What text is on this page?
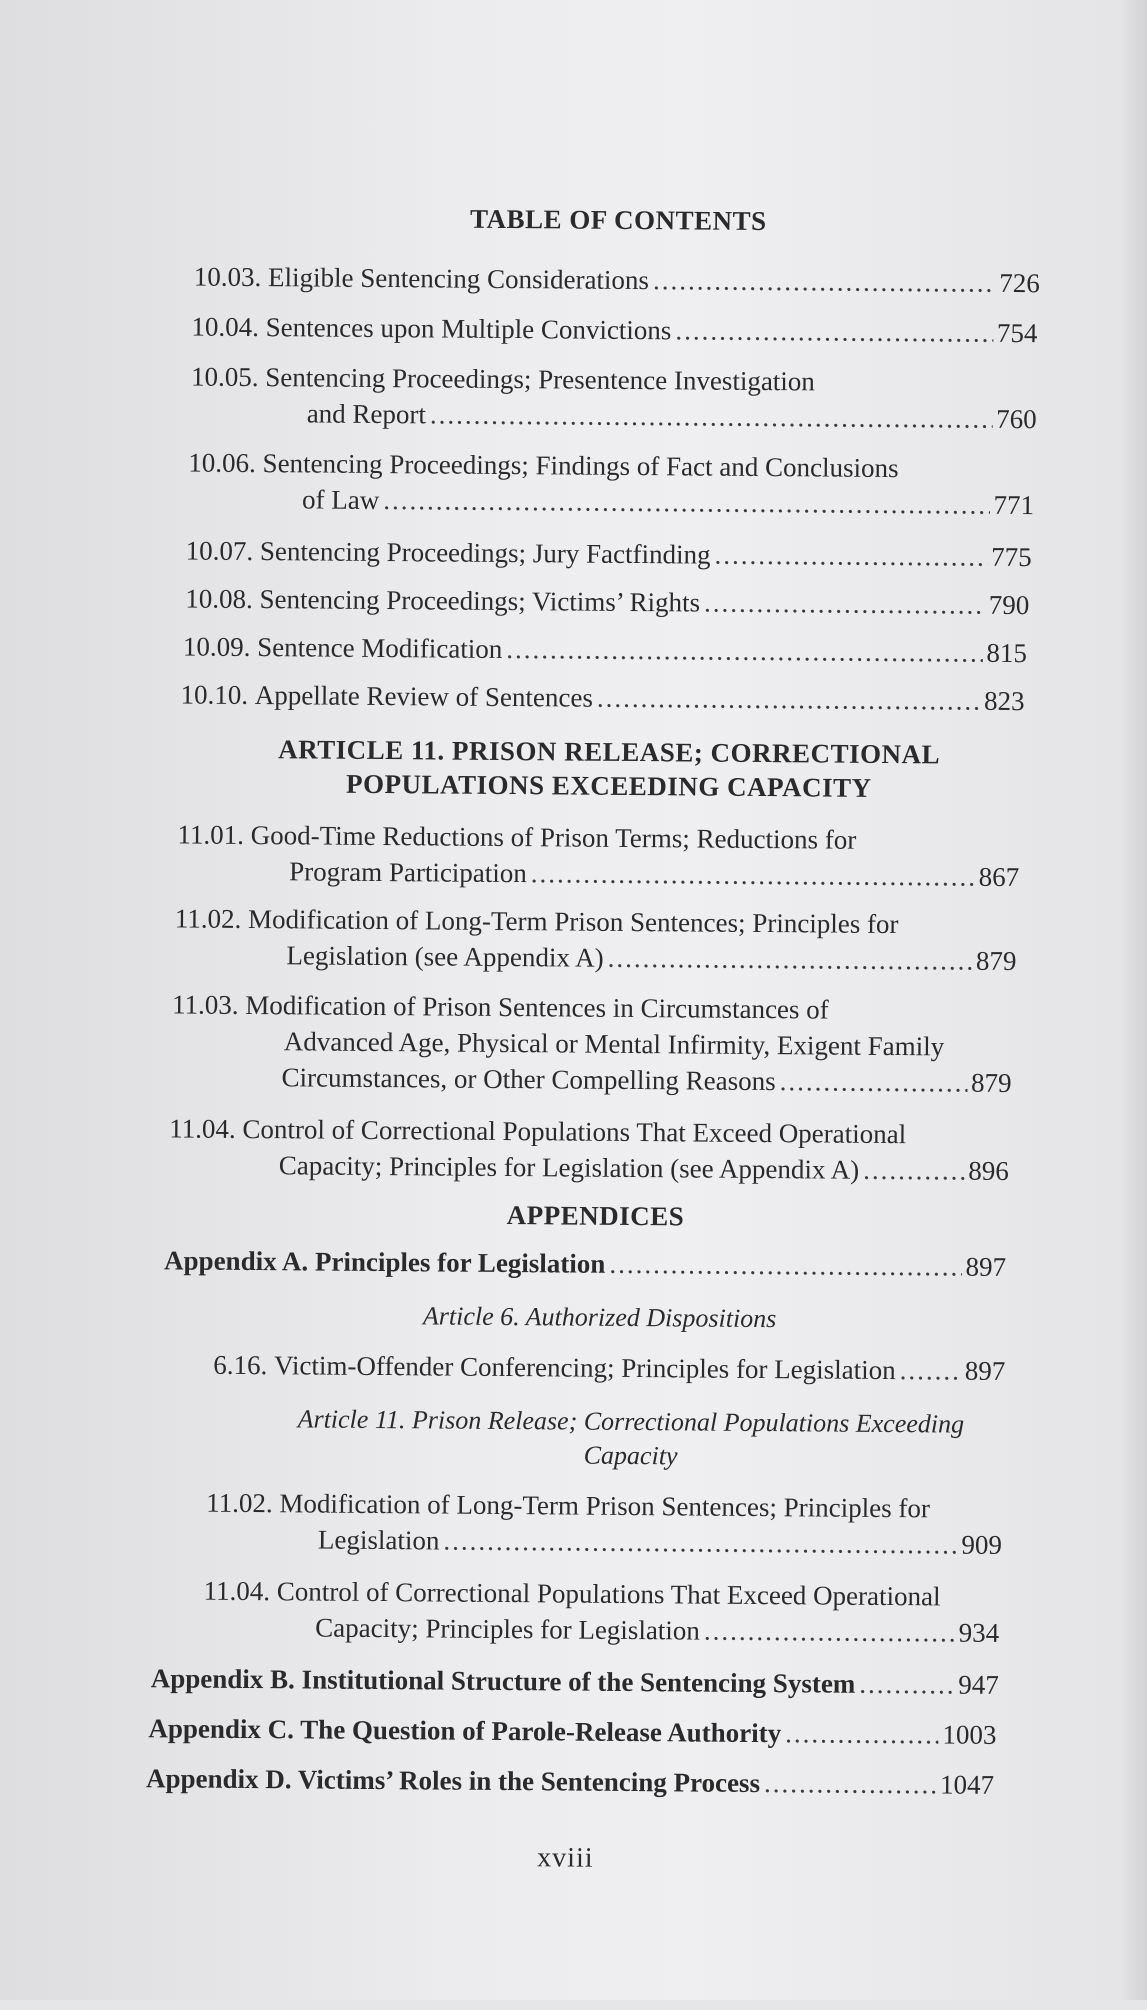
TABLE OF CONTENTS
10.03.
Eligible Sentencing Considerations .....	726
10.04.
Sentences upon Multiple Convictions .....	754
10.05. Sentencing Proceedings; Presentence Investigation
and Report .....	760
10.06. Sentencing Proceedings; Findings of Fact and Conclusions
of Law .....	771
10.07.
Sentencing Proceedings; Jury Factfinding .....	775
10.08.
Sentencing Proceedings; Victims’ Rights .....	790
10.09.
Sentence Modification .....	815
10.10.
Appellate Review of Sentences .....	823
ARTICLE 11. PRISON RELEASE; CORRECTIONAL
POPULATIONS EXCEEDING CAPACITY
11.01. Good-Time Reductions of Prison Terms; Reductions for
Program Participation .....	867
11.02. Modification of Long-Term Prison Sentences; Principles for
Legislation (see Appendix A) .....	879
11.03. Modification of Prison Sentences in Circumstances of
Advanced Age, Physical or Mental Infirmity, Exigent Family
Circumstances, or Other Compelling Reasons .....	879
11.04. Control of Correctional Populations That Exceed Operational
Capacity; Principles for Legislation (see Appendix A) .....	896
APPENDICES
Appendix A. Principles for Legislation .....	897
Article 6. Authorized Dispositions
6.16.
Victim-Offender Conferencing; Principles for Legislation .....	897
Article 11. Prison Release; Correctional Populations Exceeding
Capacity
11.02. Modification of Long-Term Prison Sentences; Principles for
Legislation .....	909
11.04. Control of Correctional Populations That Exceed Operational
Capacity; Principles for Legislation .....	934
Appendix B. Institutional Structure of the Sentencing System .....	947
Appendix C. The Question of Parole-Release Authority .....	1003
Appendix D. Victims’ Roles in the Sentencing Process .....	1047
xviii
